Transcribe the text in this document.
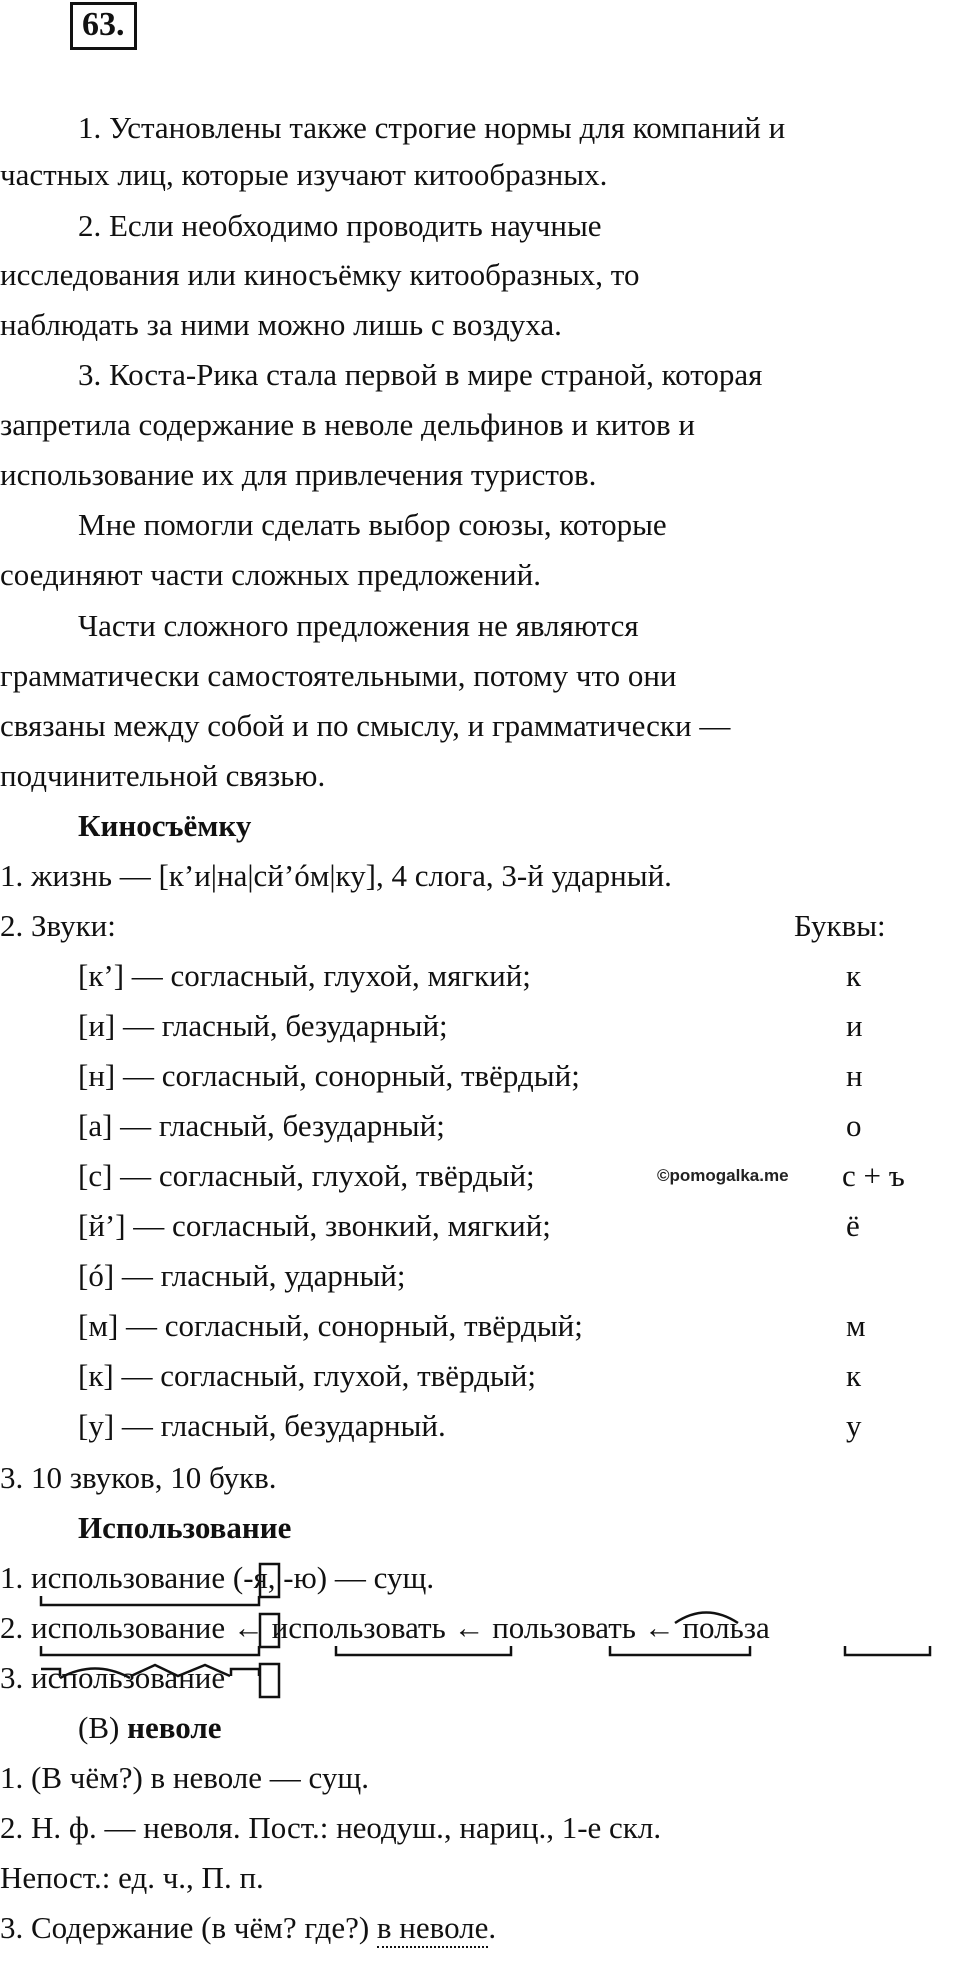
63.
1. Установлены также строгие нормы для компаний и
частных лиц, которые изучают китообразных.
2. Если необходимо проводить научные
исследования или киносъёмку китообразных, то
наблюдать за ними можно лишь с воздуха.
3. Коста-Рика стала первой в мире страной, которая
запретила содержание в неволе дельфинов и китов и
использование их для привлечения туристов.
Мне помогли сделать выбор союзы, которые
соединяют части сложных предложений.
Части сложного предложения не являются
грамматически самостоятельными, потому что они
связаны между собой и по смыслу, и грамматически —
подчинительной связью.
Киносъёмку
1. жизнь — [к’и|на|сй’óм|ку], 4 слога, 3-й ударный.
2. Звуки:	Буквы:
[к’] — согласный, глухой, мягкий;	к
[и] — гласный, безударный;	и
[н] — согласный, сонорный, твёрдый;	н
[а] — гласный, безударный;	о
[с] — согласный, глухой, твёрдый;	с + ъ
[й’] — согласный, звонкий, мягкий;	ё
[ó] — гласный, ударный;
[м] — согласный, сонорный, твёрдый;	м
[к] — согласный, глухой, твёрдый;	к
[у] — гласный, безударный.	у
©pomogalka.me
3. 10 звуков, 10 букв.
Использование
1. использование (-я, -ю) — сущ.
2. использование ← использовать ← пользовать ← польза
3. использование
(В) неволе
1. (В чём?) в неволе — сущ.
2. Н. ф. — неволя. Пост.: неодуш., нариц., 1-е скл.
Непост.: ед. ч., П. п.
3. Содержание (в чём? где?) в неволе.
